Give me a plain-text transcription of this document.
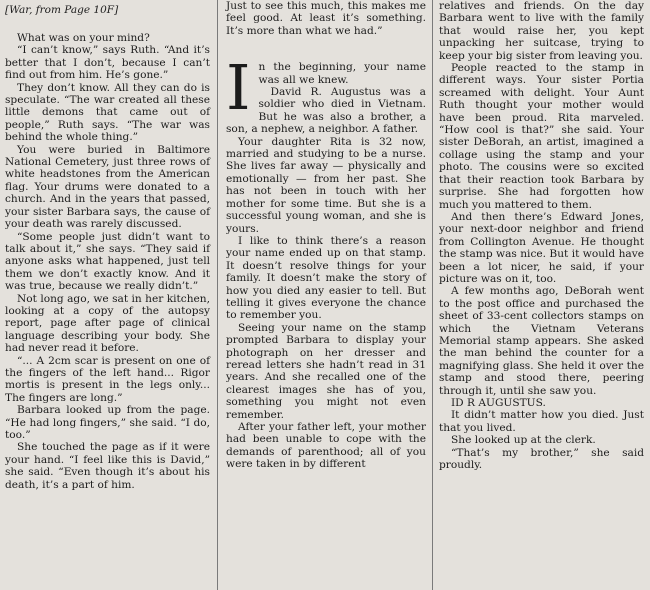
[War, from Page 10F]

What was on your mind?

“I can’t know,” says Ruth. “And it’s better that I don’t, because I can’t find out from him. He’s gone.”

They don’t know. All they can do is speculate. “The war created all these little demons that came out of people,” Ruth says. “The war was behind the whole thing.”

You were buried in Baltimore National Cemetery, just three rows of white headstones from the American flag. Your drums were donated to a church. And in the years that passed, your sister Barbara says, the cause of your death was rarely discussed.

“Some people just didn’t want to talk about it,” she says. “They said if anyone asks what happened, just tell them we don’t exactly know. And it was true, because we really didn’t.”

Not long ago, we sat in her kitchen, looking at a copy of the autopsy report, page after page of clinical language describing your body. She had never read it before.

“... A 2cm scar is present on one of the fingers of the left hand... Rigor mortis is present in the legs only... The fingers are long.”

Barbara looked up from the page. “He had long fingers,” she said. “I do, too.”

She touched the page as if it were your hand. “I feel like this is David,” she said. “Even though it’s about his death, it’s a part of him.

Just to see this much, this makes me feel good. At least it’s something. It’s more than what we had.”

In the beginning, your name was all we knew.

David R. Augustus was a soldier who died in Vietnam. But he was also a brother, a son, a nephew, a neighbor. A father.

Your daughter Rita is 32 now, married and studying to be a nurse. She lives far away — physically and emotionally — from her past. She has not been in touch with her mother for some time. But she is a successful young woman, and she is yours.

I like to think there’s a reason your name ended up on that stamp. It doesn’t resolve things for your family. It doesn’t make the story of how you died any easier to tell. But telling it gives everyone the chance to remember you.

Seeing your name on the stamp prompted Barbara to display your photograph on her dresser and reread letters she hadn’t read in 31 years. And she recalled one of the clearest images she has of you, something you might not even remember.

After your father left, your mother had been unable to cope with the demands of parenthood; all of you were taken in by different

relatives and friends. On the day Barbara went to live with the family that would raise her, you kept unpacking her suitcase, trying to keep your big sister from leaving you.

People reacted to the stamp in different ways. Your sister Portia screamed with delight. Your Aunt Ruth thought your mother would have been proud. Rita marveled. “How cool is that?” she said. Your sister DeBorah, an artist, imagined a collage using the stamp and your photo. The cousins were so excited that their reaction took Barbara by surprise. She had forgotten how much you mattered to them.

And then there’s Edward Jones, your next-door neighbor and friend from Collington Avenue. He thought the stamp was nice. But it would have been a lot nicer, he said, if your picture was on it, too.

A few months ago, DeBorah went to the post office and purchased the sheet of 33-cent collectors stamps on which the Vietnam Veterans Memorial stamp appears. She asked the man behind the counter for a magnifying glass. She held it over the stamp and stood there, peering through it, until she saw you.

ID R AUGUSTUS.

It didn’t matter how you died. Just that you lived.

She looked up at the clerk.

“That’s my brother,” she said proudly.
